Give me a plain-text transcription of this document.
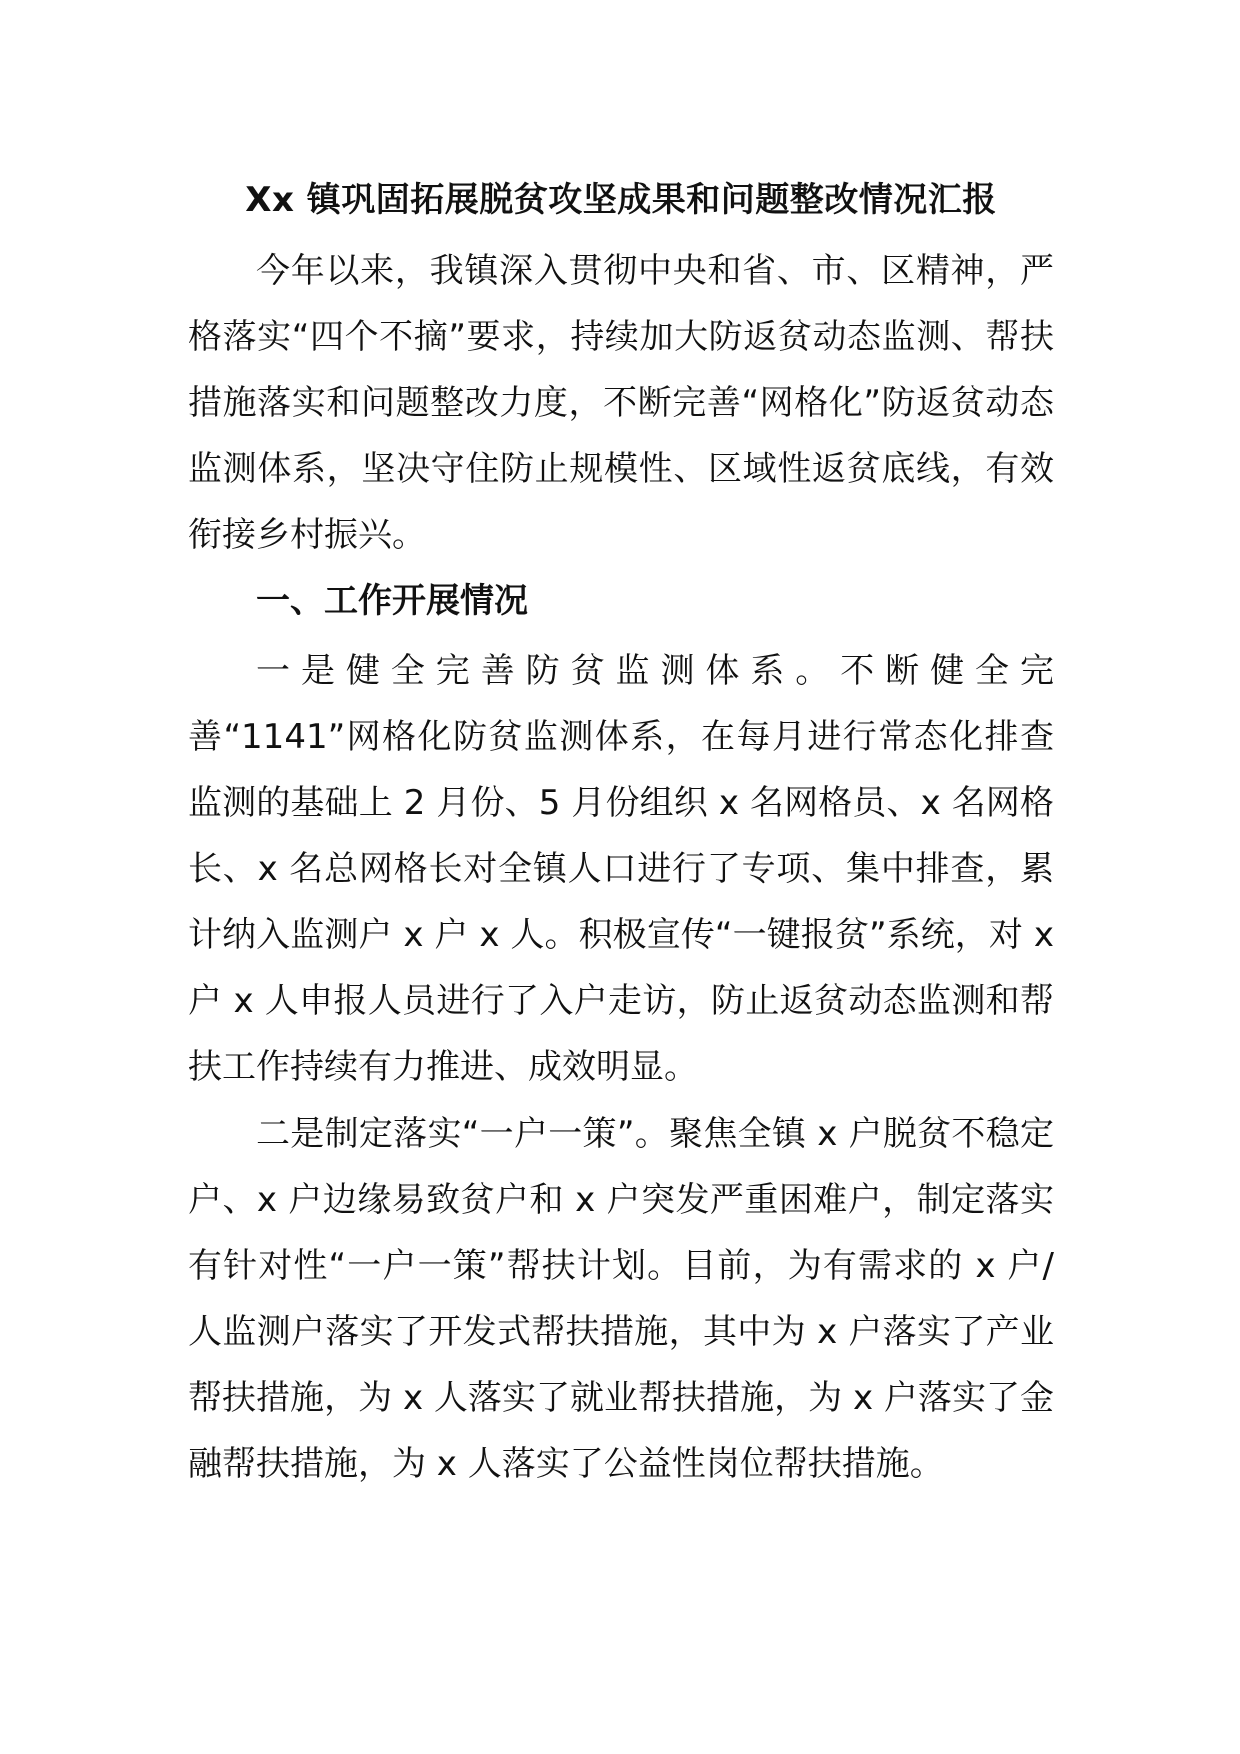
Xx 镇巩固拓展脱贫攻坚成果和问题整改情况汇报

今年以来，我镇深入贯彻中央和省、市、区精神，严格落实“四个不摘”要求，持续加大防返贫动态监测、帮扶措施落实和问题整改力度，不断完善“网格化”防返贫动态监测体系，坚决守住防止规模性、区域性返贫底线，有效衔接乡村振兴。

一、工作开展情况

一是健全完善防贫监测体系。不断健全完善“1141”网格化防贫监测体系，在每月进行常态化排查监测的基础上 2 月份、5 月份组织 x 名网格员、x 名网格长、x 名总网格长对全镇人口进行了专项、集中排查，累计纳入监测户 x 户 x 人。积极宣传“一键报贫”系统，对 x 户 x 人申报人员进行了入户走访，防止返贫动态监测和帮扶工作持续有力推进、成效明显。

二是制定落实“一户一策”。聚焦全镇 x 户脱贫不稳定户、x 户边缘易致贫户和 x 户突发严重困难户，制定落实有针对性“一户一策”帮扶计划。目前，为有需求的 x 户/人监测户落实了开发式帮扶措施，其中为 x 户落实了产业帮扶措施，为 x 人落实了就业帮扶措施，为 x 户落实了金融帮扶措施，为 x 人落实了公益性岗位帮扶措施。
